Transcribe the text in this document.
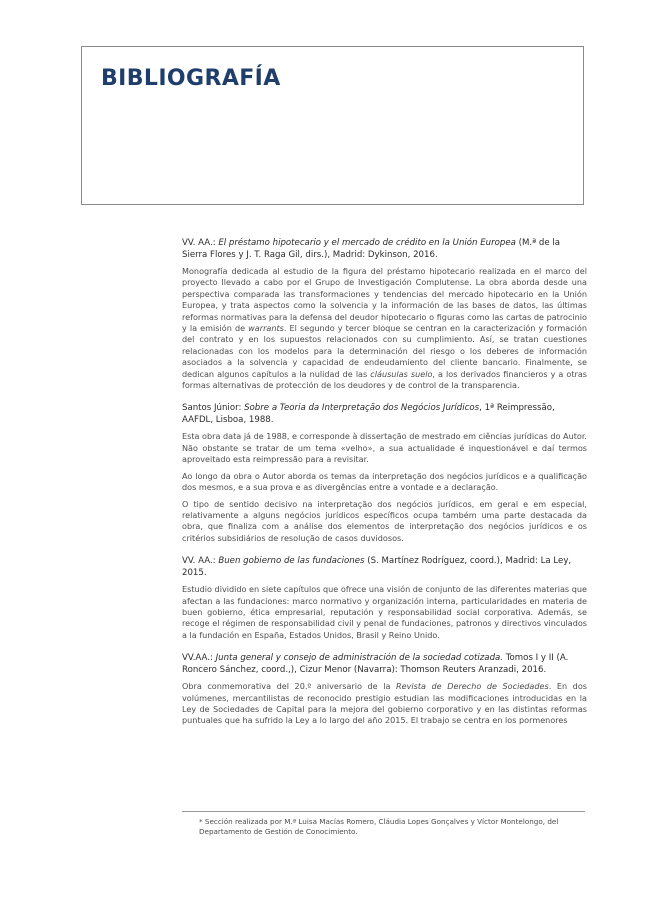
BIBLIOGRAFÍA

VV. AA.: El préstamo hipotecario y el mercado de crédito en la Unión Europea (M.ª de la Sierra Flores y J. T. Raga Gil, dirs.), Madrid: Dykinson, 2016.

Monografía dedicada al estudio de la figura del préstamo hipotecario realizada en el marco del proyecto llevado a cabo por el Grupo de Investigación Complutense. La obra aborda desde una perspectiva comparada las transformaciones y tendencias del mercado hipotecario en la Unión Europea, y trata aspectos como la solvencia y la información de las bases de datos, las últimas reformas normativas para la defensa del deudor hipotecario o figuras como las cartas de patrocinio y la emisión de warrants. El segundo y tercer bloque se centran en la caracterización y formación del contrato y en los supuestos relacionados con su cumplimiento. Así, se tratan cuestiones relacionadas con los modelos para la determinación del riesgo o los deberes de información asociados a la solvencia y capacidad de endeudamiento del cliente bancario. Finalmente, se dedican algunos capítulos a la nulidad de las cláusulas suelo, a los derivados financieros y a otras formas alternativas de protección de los deudores y de control de la transparencia.

Santos Júnior: Sobre a Teoria da Interpretação dos Negócios Jurídicos, 1ª Reimpressão, AAFDL, Lisboa, 1988.

Esta obra data já de 1988, e corresponde à dissertação de mestrado em ciências jurídicas do Autor. Não obstante se tratar de um tema «velho», a sua actualidade é inquestionável e daí termos aproveitado esta reimpressão para a revisitar.

Ao longo da obra o Autor aborda os temas da interpretação dos negócios jurídicos e a qualificação dos mesmos, e a sua prova e as divergências entre a vontade e a declaração.

O tipo de sentido decisivo na interpretação dos negócios jurídicos, em geral e em especial, relativamente a alguns negócios jurídicos específicos ocupa também uma parte destacada da obra, que finaliza com a análise dos elementos de interpretação dos negócios jurídicos e os critérios subsidiários de resolução de casos duvidosos.

VV. AA.: Buen gobierno de las fundaciones (S. Martínez Rodríguez, coord.), Madrid: La Ley, 2015.

Estudio dividido en siete capítulos que ofrece una visión de conjunto de las diferentes materias que afectan a las fundaciones: marco normativo y organización interna, particularidades en materia de buen gobierno, ética empresarial, reputación y responsabilidad social corporativa. Además, se recoge el régimen de responsabilidad civil y penal de fundaciones, patronos y directivos vinculados a la fundación en España, Estados Unidos, Brasil y Reino Unido.

VV.AA.: Junta general y consejo de administración de la sociedad cotizada. Tomos I y II (A. Roncero Sánchez, coord.,), Cizur Menor (Navarra): Thomson Reuters Aranzadi, 2016.

Obra conmemorativa del 20.º aniversario de la Revista de Derecho de Sociedades. En dos volúmenes, mercantilistas de reconocido prestigio estudian las modificaciones introducidas en la Ley de Sociedades de Capital para la mejora del gobierno corporativo y en las distintas reformas puntuales que ha sufrido la Ley a lo largo del año 2015. El trabajo se centra en los pormenores

* Sección realizada por M.ª Luisa Macías Romero, Cláudia Lopes Gonçalves y Víctor Montelongo, del Departamento de Gestión de Conocimiento.
